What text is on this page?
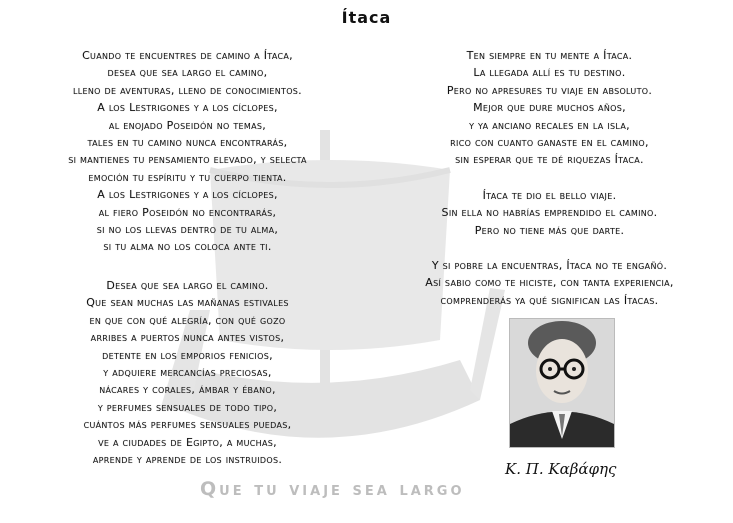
Ítaca
Cuando te encuentres de camino a Ítaca,
desea que sea largo el camino,
lleno de aventuras, lleno de conocimientos.
A los Lestrigones y a los cíclopes,
al enojado Poseidón no temas,
tales en tu camino nunca encontrarás,
si mantienes tu pensamiento elevado, y selecta
emoción tu espíritu y tu cuerpo tienta.
A los Lestrigones y a los cíclopes,
al fiero Poseidón no encontrarás,
si no los llevas dentro de tu alma,
si tu alma no los coloca ante ti.
Desea que sea largo el camino.
Que sean muchas las mañanas estivales
en que con qué alegría, con qué gozo
arribes a puertos nunca antes vistos,
detente en los emporios fenicios,
y adquiere mercancías preciosas,
nácares y corales, ámbar y ébano,
y perfumes sensuales de todo tipo,
cuántos más perfumes sensuales puedas,
ve a ciudades de Egipto, a muchas,
aprende y aprende de los instruidos.
Ten siempre en tu mente a Ítaca.
La llegada allí es tu destino.
Pero no apresures tu viaje en absoluto.
Mejor que dure muchos años,
y ya anciano recales en la isla,
rico con cuanto ganaste en el camino,
sin esperar que te dé riquezas Ítaca.
Ítaca te dio el bello viaje.
Sin ella no habrías emprendido el camino.
Pero no tiene más que darte.
Y si pobre la encuentras, Ítaca no te engañó.
Así sabio como te hiciste, con tanta experiencia,
comprenderás ya qué significan las Ítacas.
K. Π. Καβάφης
Que tu viaje sea largo
